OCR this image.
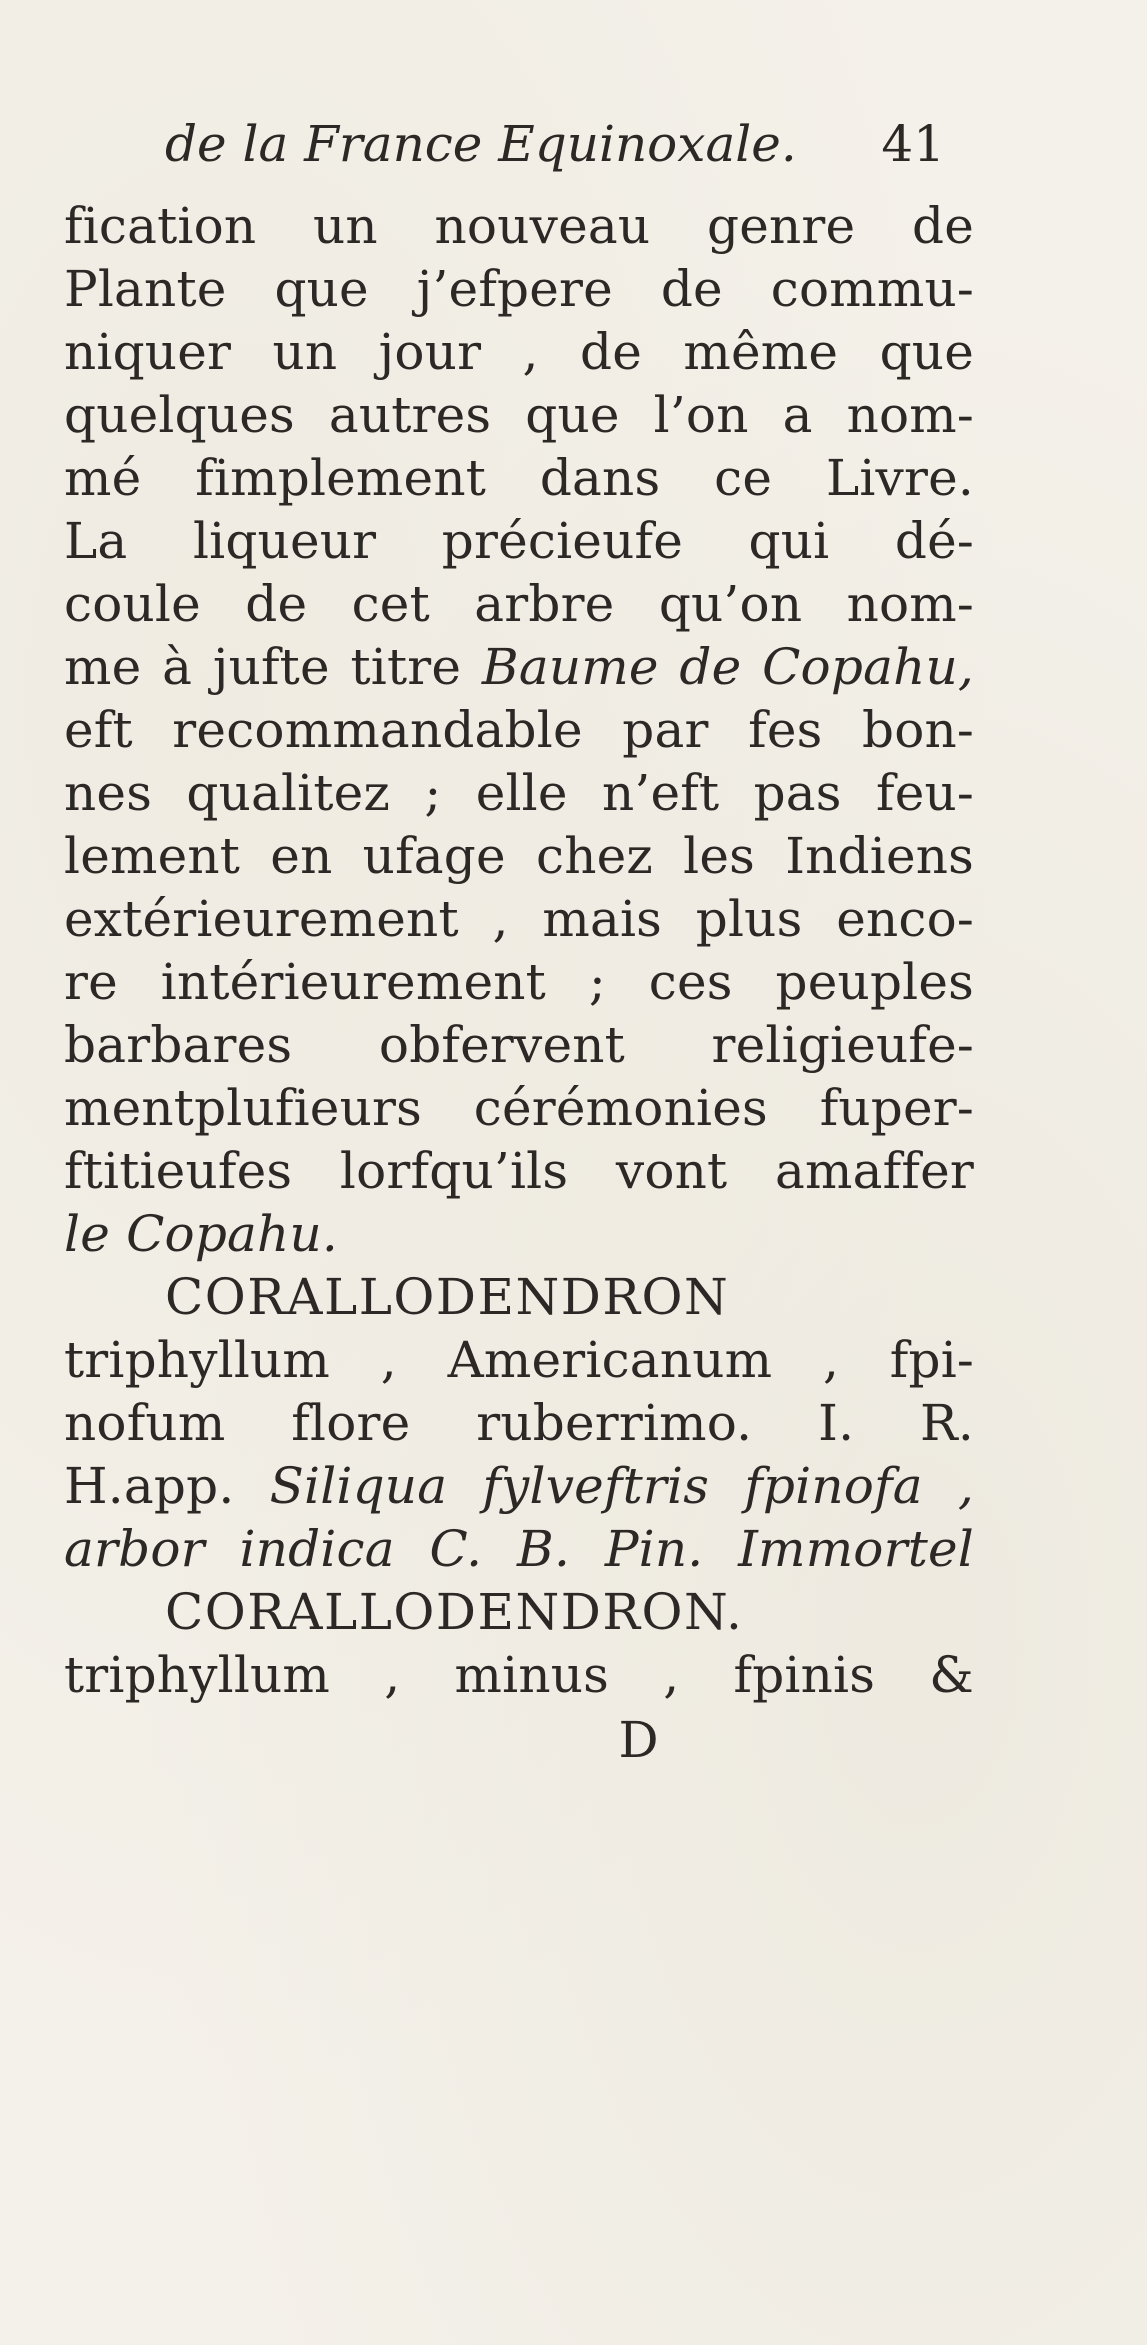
de la France Equinoxale. 41
fication un nouveau genre de
Plante que j’efpere de commu-
niquer un jour , de même que
quelques autres que l’on a nom-
mé fimplement dans ce Livre.
La liqueur précieufe qui dé-
coule de cet arbre qu’on nom-
me à jufte titre Baume de Copahu,
eft recommandable par fes bon-
nes qualitez ; elle n’eft pas feu-
lement en ufage chez les Indiens
extérieurement , mais plus enco-
re intérieurement ; ces peuples
barbares obfervent religieufe-
mentplufieurs cérémonies fuper-
ftitieufes lorfqu’ils vont amaffer
le Copahu.
CORALLODENDRON
triphyllum , Americanum , fpi-
nofum flore ruberrimo. I. R.
H.app. Siliqua fylveftris fpinofa ,
arbor indica C. B. Pin. Immortel
CORALLODENDRON.
triphyllum , minus , fpinis &
D
